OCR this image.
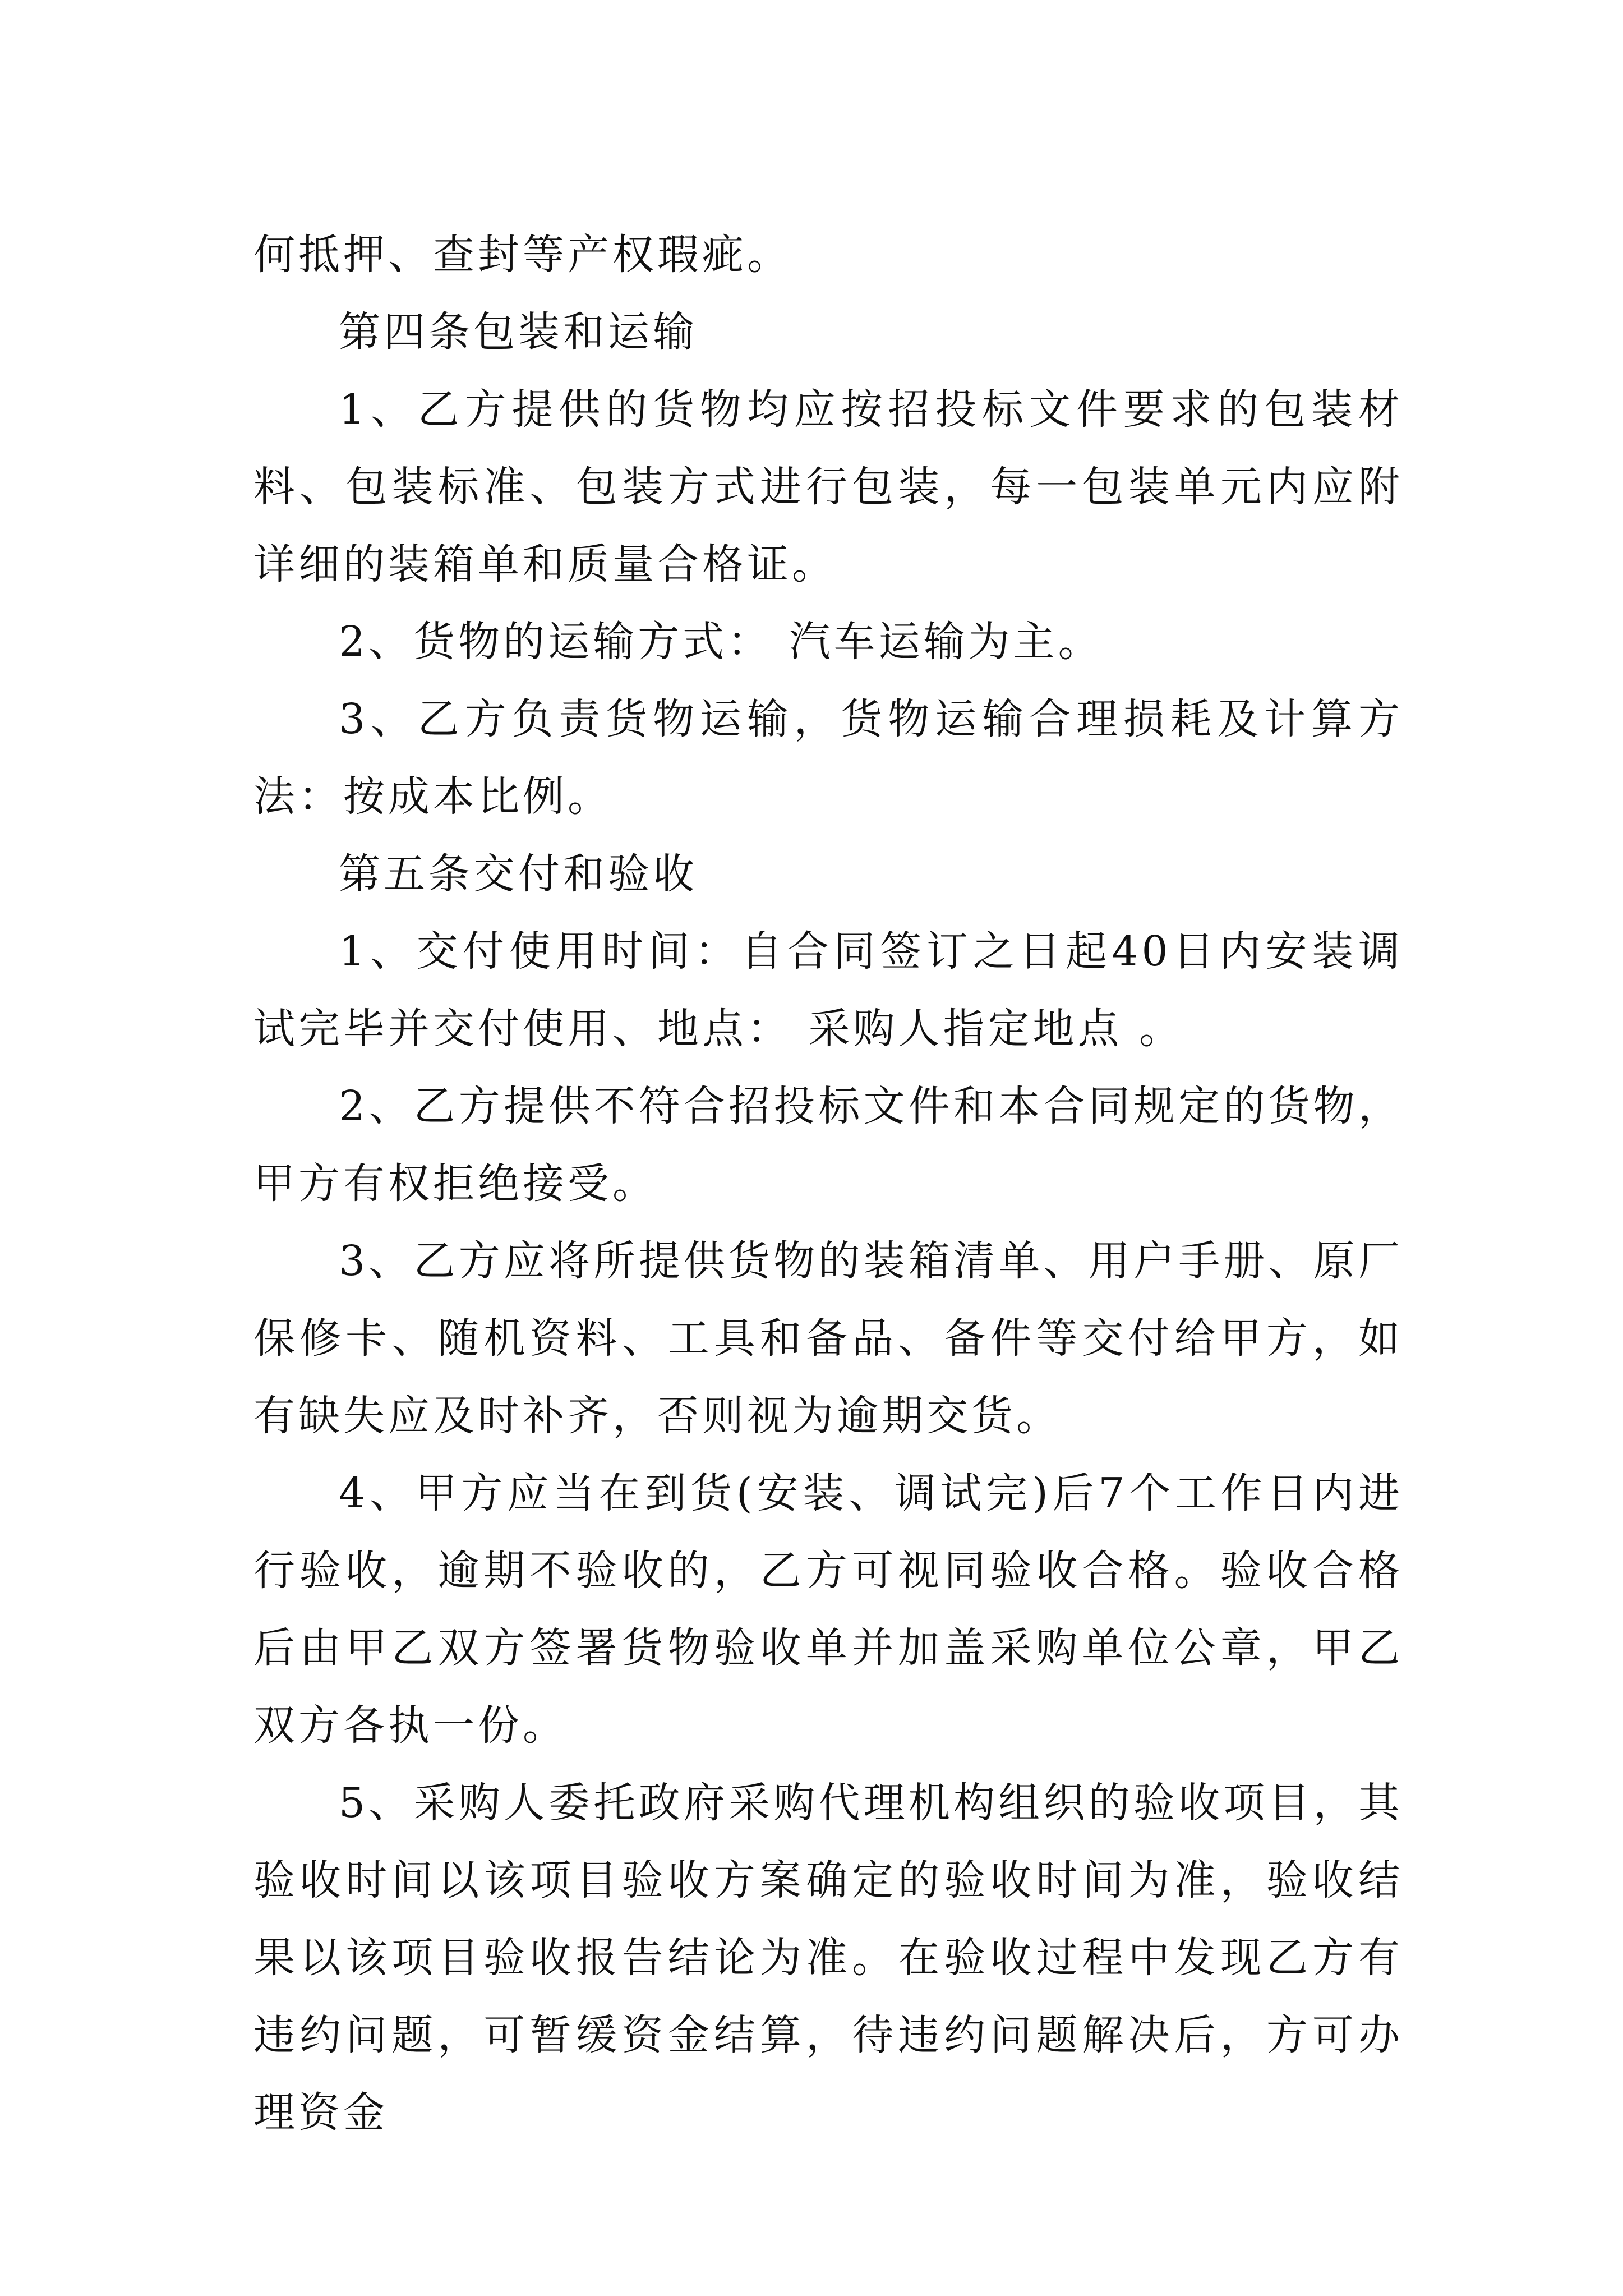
何抵押、查封等产权瑕疵。

第四条包装和运输

1、乙方提供的货物均应按招投标文件要求的包装材料、包装标准、包装方式进行包装，每一包装单元内应附详细的装箱单和质量合格证。

2、货物的运输方式： 汽车运输为主。

3、乙方负责货物运输，货物运输合理损耗及计算方法：按成本比例。

第五条交付和验收

1、交付使用时间：自合同签订之日起40日内安装调试完毕并交付使用、地点： 采购人指定地点 。

2、乙方提供不符合招投标文件和本合同规定的货物，甲方有权拒绝接受。

3、乙方应将所提供货物的装箱清单、用户手册、原厂保修卡、随机资料、工具和备品、备件等交付给甲方，如有缺失应及时补齐，否则视为逾期交货。

4、甲方应当在到货(安装、调试完)后7个工作日内进行验收，逾期不验收的，乙方可视同验收合格。验收合格后由甲乙双方签署货物验收单并加盖采购单位公章，甲乙双方各执一份。

5、采购人委托政府采购代理机构组织的验收项目，其验收时间以该项目验收方案确定的验收时间为准，验收结果以该项目验收报告结论为准。在验收过程中发现乙方有违约问题，可暂缓资金结算，待违约问题解决后，方可办理资金
